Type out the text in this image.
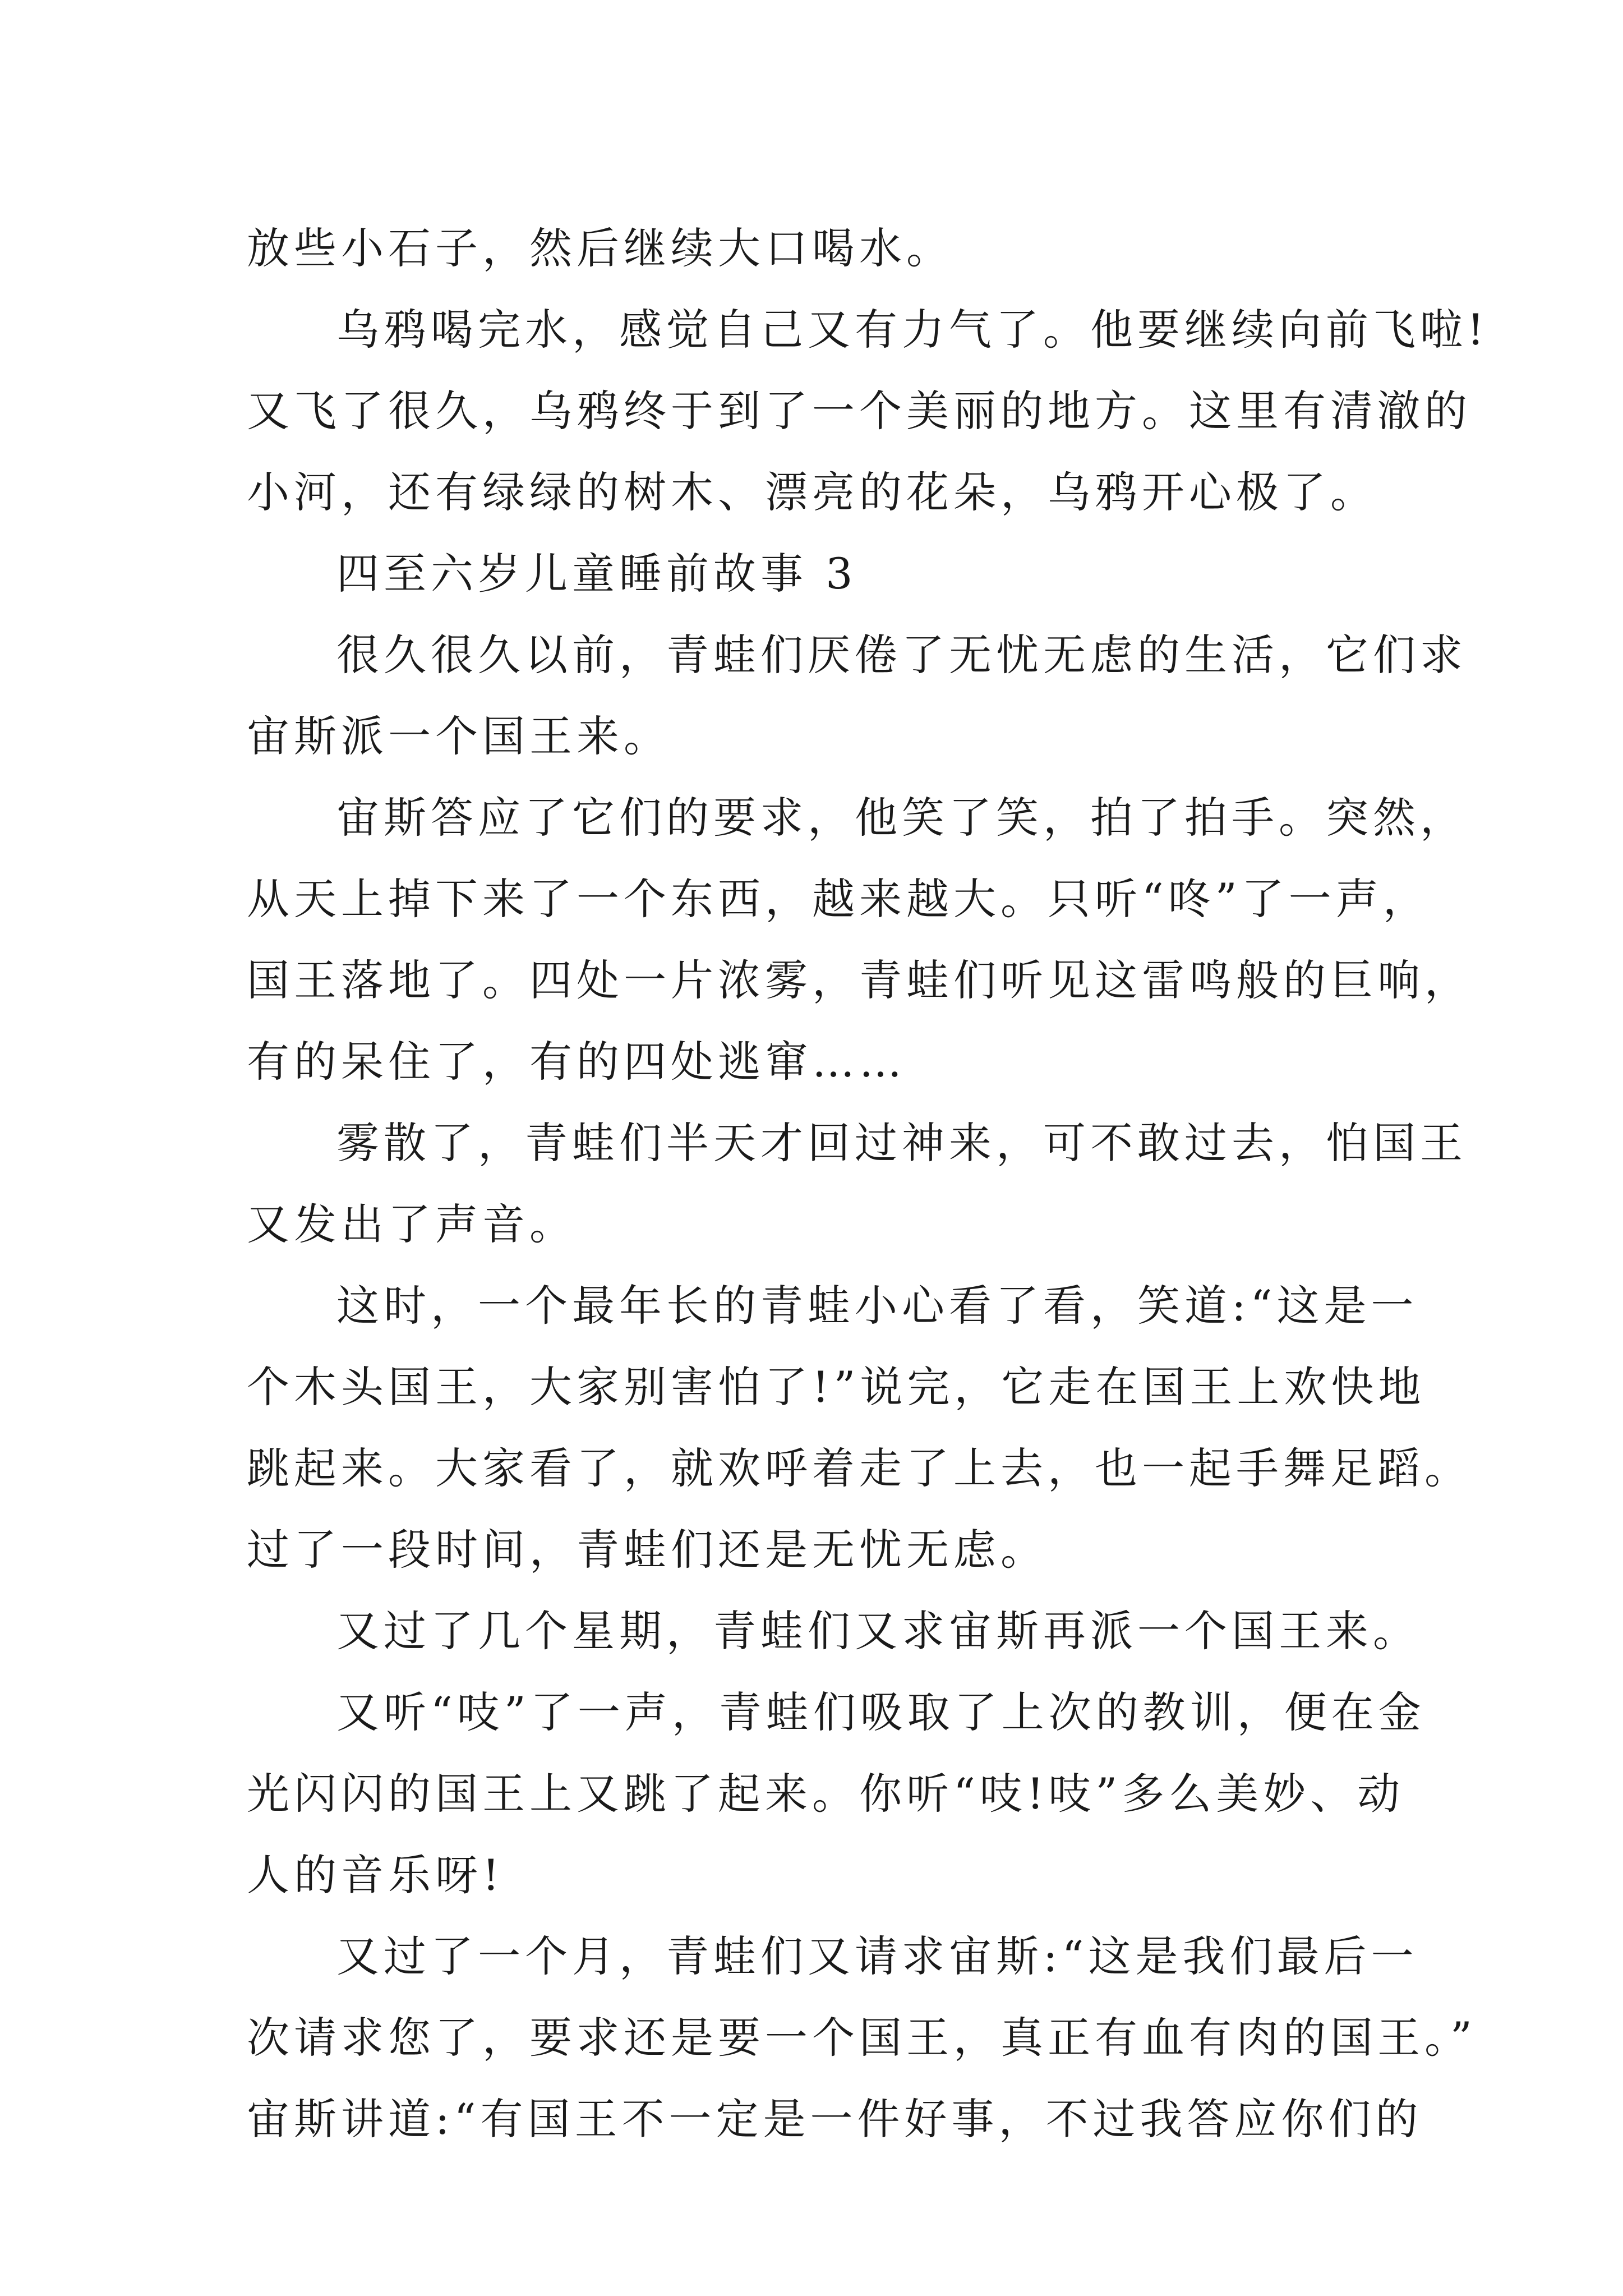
放些小石子，然后继续大口喝水。
乌鸦喝完水，感觉自己又有力气了。他要继续向前飞啦!
又飞了很久，乌鸦终于到了一个美丽的地方。这里有清澈的
小河，还有绿绿的树木、漂亮的花朵，乌鸦开心极了。
四至六岁儿童睡前故事 3
很久很久以前，青蛙们厌倦了无忧无虑的生活，它们求
宙斯派一个国王来。
宙斯答应了它们的要求，他笑了笑，拍了拍手。突然，
从天上掉下来了一个东西，越来越大。只听“咚”了一声，
国王落地了。四处一片浓雾，青蛙们听见这雷鸣般的巨响，
有的呆住了，有的四处逃窜……
雾散了，青蛙们半天才回过神来，可不敢过去，怕国王
又发出了声音。
这时，一个最年长的青蛙小心看了看，笑道:“这是一
个木头国王，大家别害怕了!”说完，它走在国王上欢快地
跳起来。大家看了，就欢呼着走了上去，也一起手舞足蹈。
过了一段时间，青蛙们还是无忧无虑。
又过了几个星期，青蛙们又求宙斯再派一个国王来。
又听“吱”了一声，青蛙们吸取了上次的教训，便在金
光闪闪的国王上又跳了起来。你听“吱!吱”多么美妙、动
人的音乐呀!
又过了一个月，青蛙们又请求宙斯:“这是我们最后一
次请求您了，要求还是要一个国王，真正有血有肉的国王。”
宙斯讲道:“有国王不一定是一件好事，不过我答应你们的
